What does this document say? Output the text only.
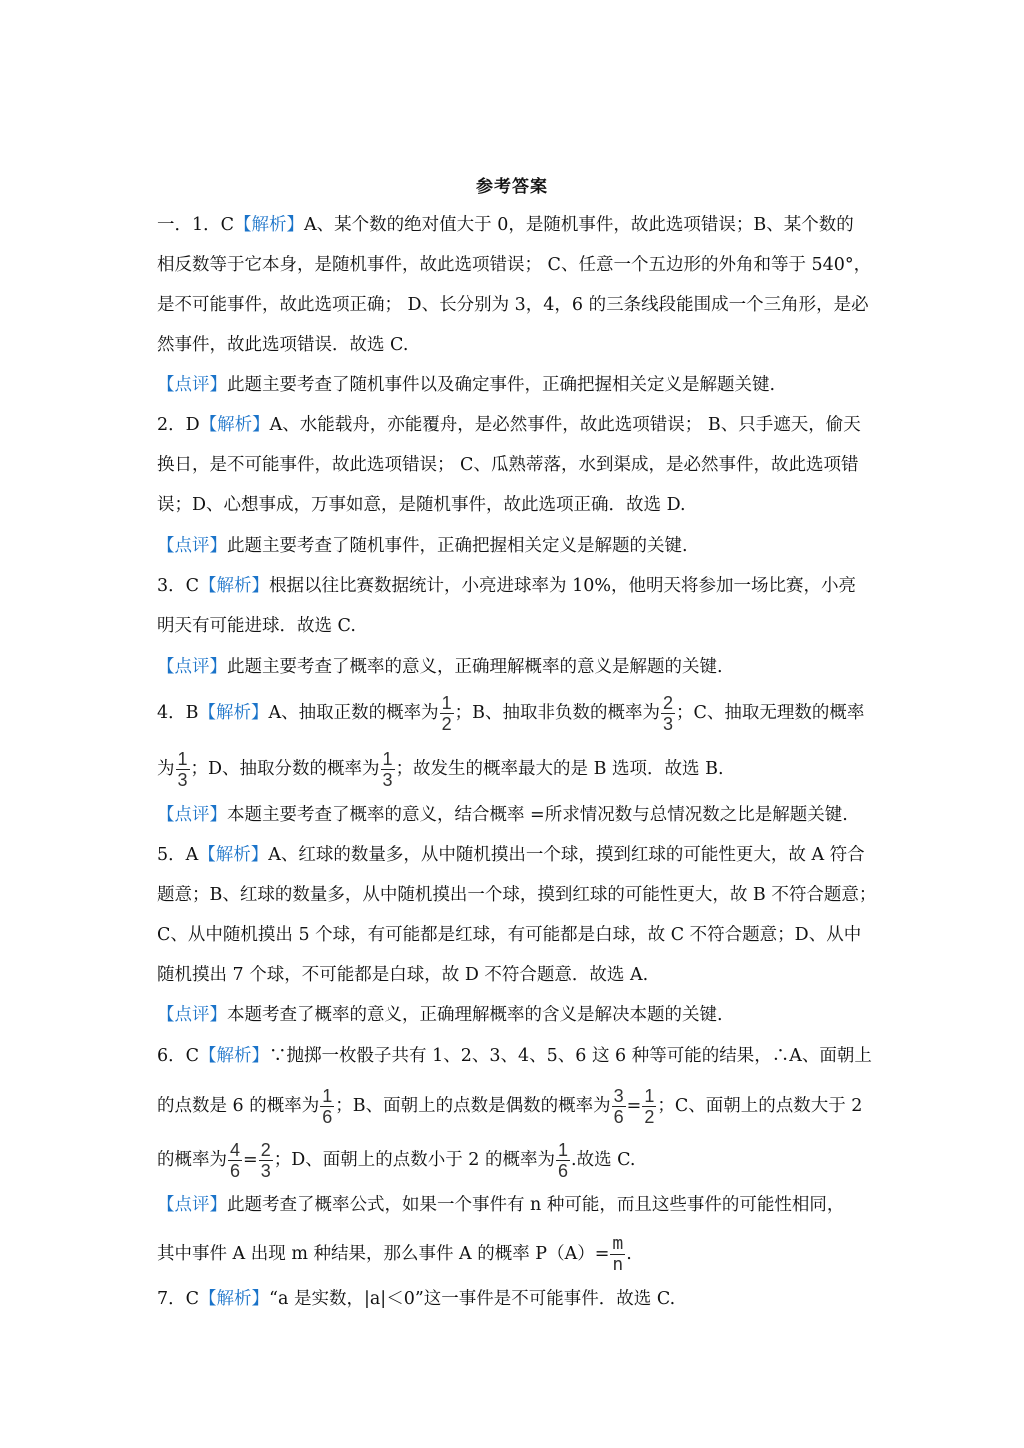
参考答案
一．1．C【解析】A、某个数的绝对值大于 0，是随机事件，故此选项错误；B、某个数的
相反数等于它本身，是随机事件，故此选项错误； C、任意一个五边形的外角和等于 540°，
是不可能事件，故此选项正确； D、长分别为 3，4，6 的三条线段能围成一个三角形，是必
然事件，故此选项错误．故选 C.
【点评】此题主要考查了随机事件以及确定事件，正确把握相关定义是解题关键.
2．D【解析】A、水能载舟，亦能覆舟，是必然事件，故此选项错误； B、只手遮天，偷天
换日，是不可能事件，故此选项错误； C、瓜熟蒂落，水到渠成，是必然事件，故此选项错
误；D、心想事成，万事如意，是随机事件，故此选项正确．故选 D.
【点评】此题主要考查了随机事件，正确把握相关定义是解题的关键.
3．C【解析】根据以往比赛数据统计，小亮进球率为 10%，他明天将参加一场比赛，小亮
明天有可能进球．故选 C.
【点评】此题主要考查了概率的意义，正确理解概率的意义是解题的关键.
4．B【解析】A、抽取正数的概率为 $\frac{1}{2}$ ；B、抽取非负数的概率为 $\frac{2}{3}$ ；C、抽取无理数的概率
为 $\frac{1}{3}$ ；D、抽取分数的概率为 $\frac{1}{3}$ ；故发生的概率最大的是 B 选项．故选 B.
【点评】本题主要考查了概率的意义，结合概率 =所求情况数与总情况数之比是解题关键.
5．A【解析】A、红球的数量多，从中随机摸出一个球，摸到红球的可能性更大，故 A 符合
题意；B、红球的数量多，从中随机摸出一个球，摸到红球的可能性更大，故 B 不符合题意；
C、从中随机摸出 5 个球，有可能都是红球，有可能都是白球，故 C 不符合题意；D、从中
随机摸出 7 个球，不可能都是白球，故 D 不符合题意．故选 A.
【点评】本题考查了概率的意义，正确理解概率的含义是解决本题的关键.
6．C【解析】∵抛掷一枚骰子共有 1、2、3、4、5、6 这 6 种等可能的结果，∴A、面朝上
的点数是 6 的概率为 $\frac{1}{6}$ ；B、面朝上的点数是偶数的概率为 $\frac{3}{6} = \frac{1}{2}$ ；C、面朝上的点数大于 2
的概率为 $\frac{4}{6} = \frac{2}{3}$ ；D、面朝上的点数小于 2 的概率为 $\frac{1}{6}$ .故选 C.
【点评】此题考查了概率公式，如果一个事件有 n 种可能，而且这些事件的可能性相同，
其中事件 A 出现 m 种结果，那么事件 A 的概率 $P(A)= \frac{m}{n}$ .
7．C【解析】“a 是实数，|a|＜0”这一事件是不可能事件．故选 C.
